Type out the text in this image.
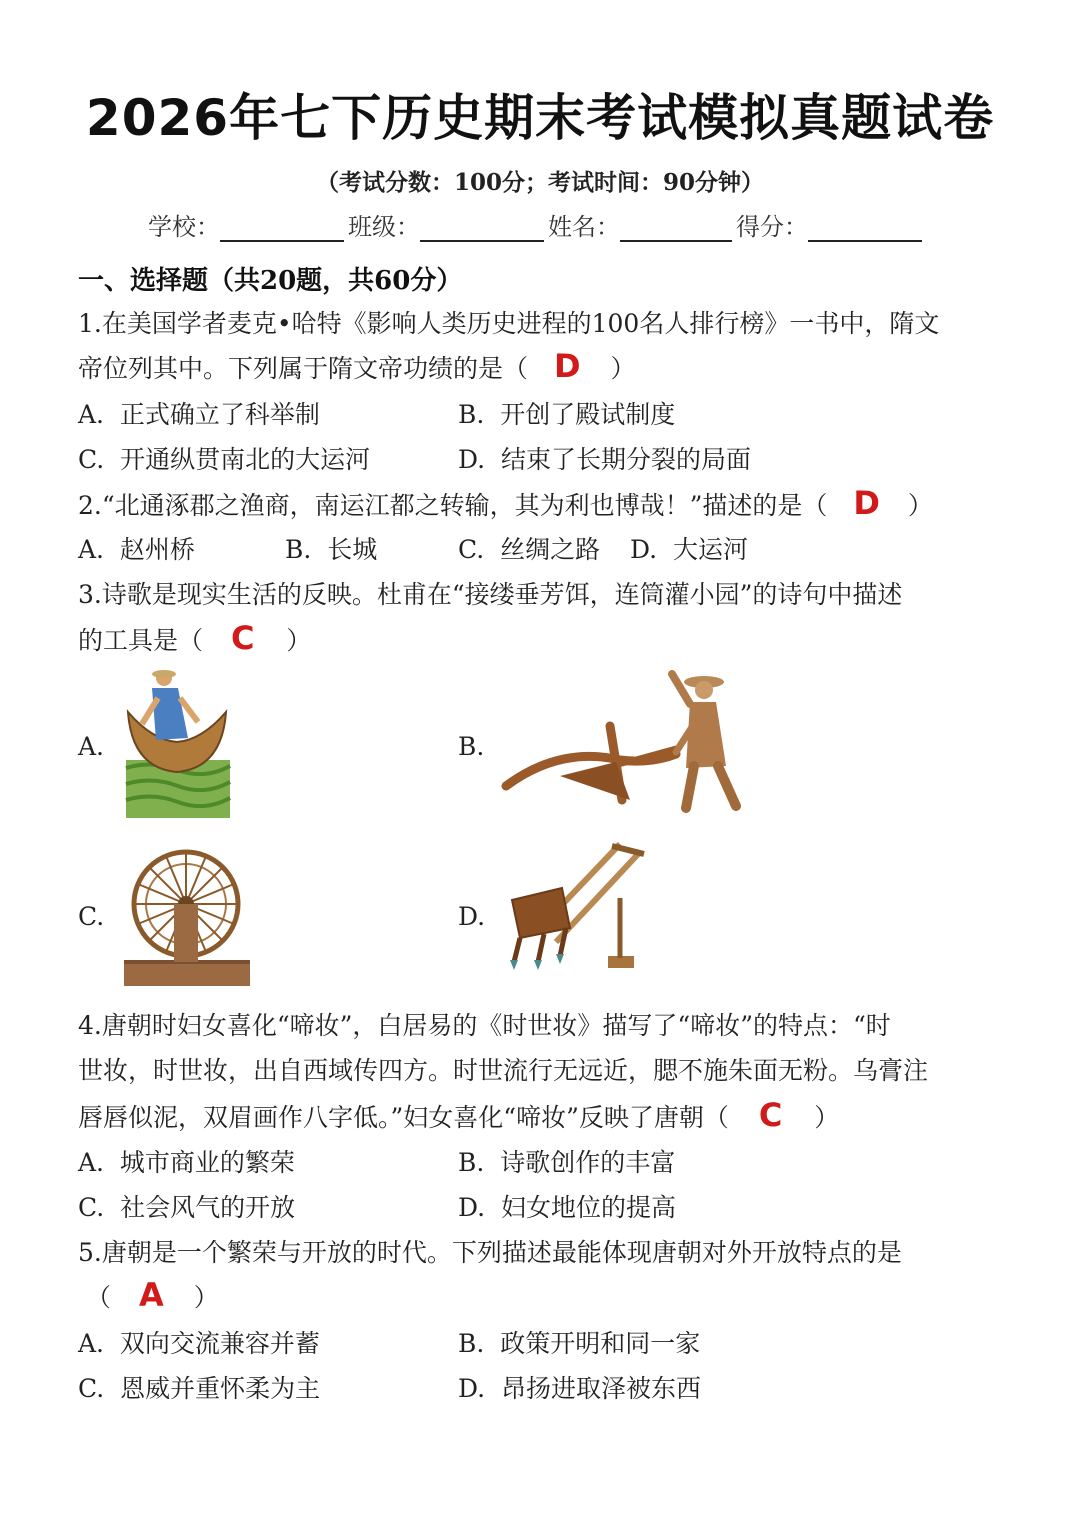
2026年七下历史期末考试模拟真题试卷
（考试分数：100分；考试时间：90分钟）
学校：	班级：	姓名：	得分：
一、选择题（共20题，共60分）
1.在美国学者麦克•哈特《影响人类历史进程的100名人排行榜》一书中，隋文
帝位列其中。下列属于隋文帝功绩的是（ D ）
A. 正式确立了科举制	B. 开创了殿试制度
C. 开通纵贯南北的大运河	D. 结束了长期分裂的局面
2.“北通涿郡之渔商，南运江都之转输，其为利也博哉！”描述的是（ D ）
A. 赵州桥	B. 长城	C. 丝绸之路 D. 大运河
3.诗歌是现实生活的反映。杜甫在“接缕垂芳饵，连筒灌小园”的诗句中描述
的工具是（ C ）
A.	B.
C.	D.
4.唐朝时妇女喜化“啼妆”，白居易的《时世妆》描写了“啼妆”的特点：“时
世妆，时世妆，出自西域传四方。时世流行无远近，腮不施朱面无粉。乌膏注
唇唇似泥，双眉画作八字低。”妇女喜化“啼妆”反映了唐朝（ C ）
A. 城市商业的繁荣	B. 诗歌创作的丰富
C. 社会风气的开放	D. 妇女地位的提高
5.唐朝是一个繁荣与开放的时代。下列描述最能体现唐朝对外开放特点的是
（ A ）
A. 双向交流兼容并蓄	B. 政策开明和同一家
C. 恩威并重怀柔为主	D. 昂扬进取泽被东西
